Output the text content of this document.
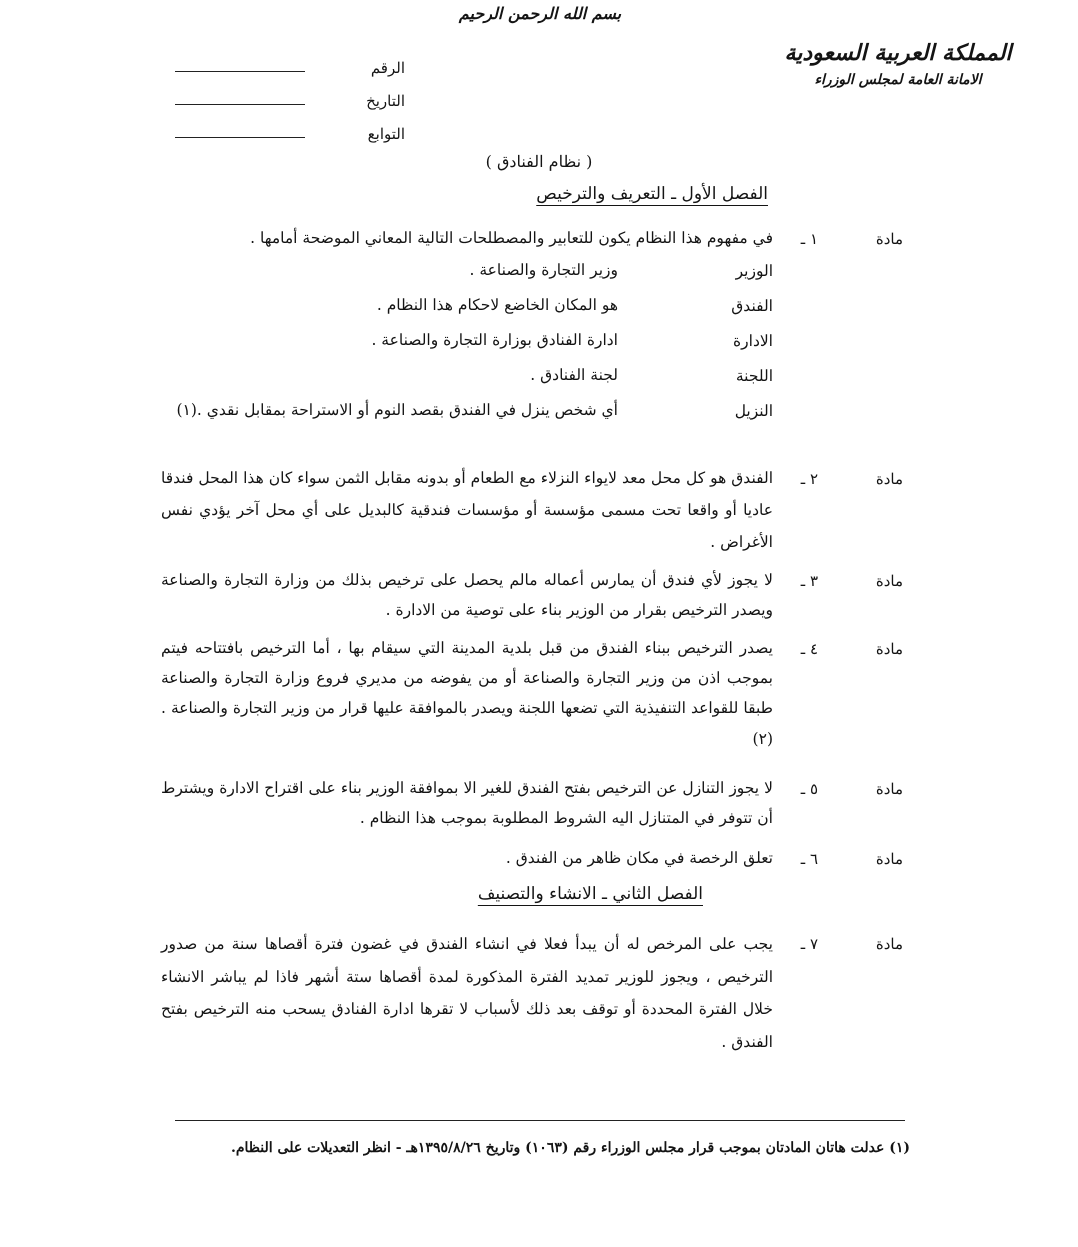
بسم الله الرحمن الرحيم
المملكة العربية السعودية
الامانة العامة لمجلس الوزراء
الرقم
التاريخ
التوابع
( نظام الفنادق )
الفصل الأول ـ التعريف والترخيص
مادة
١ ـ
في مفهوم هذا النظام يكون للتعابير والمصطلحات التالية المعاني الموضحة أمامها .
الوزير
وزير التجارة والصناعة .
الفندق
هو المكان الخاضع لاحكام هذا النظام .
الادارة
ادارة الفنادق بوزارة التجارة والصناعة .
اللجنة
لجنة الفنادق .
النزيل
أي شخص ينزل في الفندق بقصد النوم أو الاستراحة بمقابل نقدي .(١)
مادة
٢ ـ
الفندق هو كل محل معد لايواء النزلاء مع الطعام أو بدونه مقابل الثمن سواء كان هذا المحل فندقا عاديا أو واقعا تحت مسمى مؤسسة أو مؤسسات فندقية كالبديل على أي محل آخر يؤدي نفس الأغراض .
مادة
٣ ـ
لا يجوز لأي فندق أن يمارس أعماله مالم يحصل على ترخيص بذلك من وزارة التجارة والصناعة ويصدر الترخيص بقرار من الوزير بناء على توصية من الادارة .
مادة
٤ ـ
يصدر الترخيص ببناء الفندق من قبل بلدية المدينة التي سيقام بها ، أما الترخيص بافتتاحه فيتم بموجب اذن من وزير التجارة والصناعة أو من يفوضه من مديري فروع وزارة التجارة والصناعة طبقا للقواعد التنفيذية التي تضعها اللجنة ويصدر بالموافقة عليها قرار من وزير التجارة والصناعة .(٢)
مادة
٥ ـ
لا يجوز التنازل عن الترخيص بفتح الفندق للغير الا بموافقة الوزير بناء على اقتراح الادارة ويشترط أن تتوفر في المتنازل اليه الشروط المطلوبة بموجب هذا النظام .
مادة
٦ ـ
تعلق الرخصة في مكان ظاهر من الفندق .
الفصل الثاني ـ الانشاء والتصنيف
مادة
٧ ـ
يجب على المرخص له أن يبدأ فعلا في انشاء الفندق في غضون فترة أقصاها سنة من صدور الترخيص ، ويجوز للوزير تمديد الفترة المذكورة لمدة أقصاها ستة أشهر فاذا لم يباشر الانشاء خلال الفترة المحددة أو توقف بعد ذلك لأسباب لا تقرها ادارة الفنادق يسحب منه الترخيص بفتح الفندق .
(١) عدلت هاتان المادتان بموجب قرار مجلس الوزراء رقم (١٠٦٣) وتاريخ ١٣٩٥/٨/٢٦هـ - انظر التعديلات على النظام.
